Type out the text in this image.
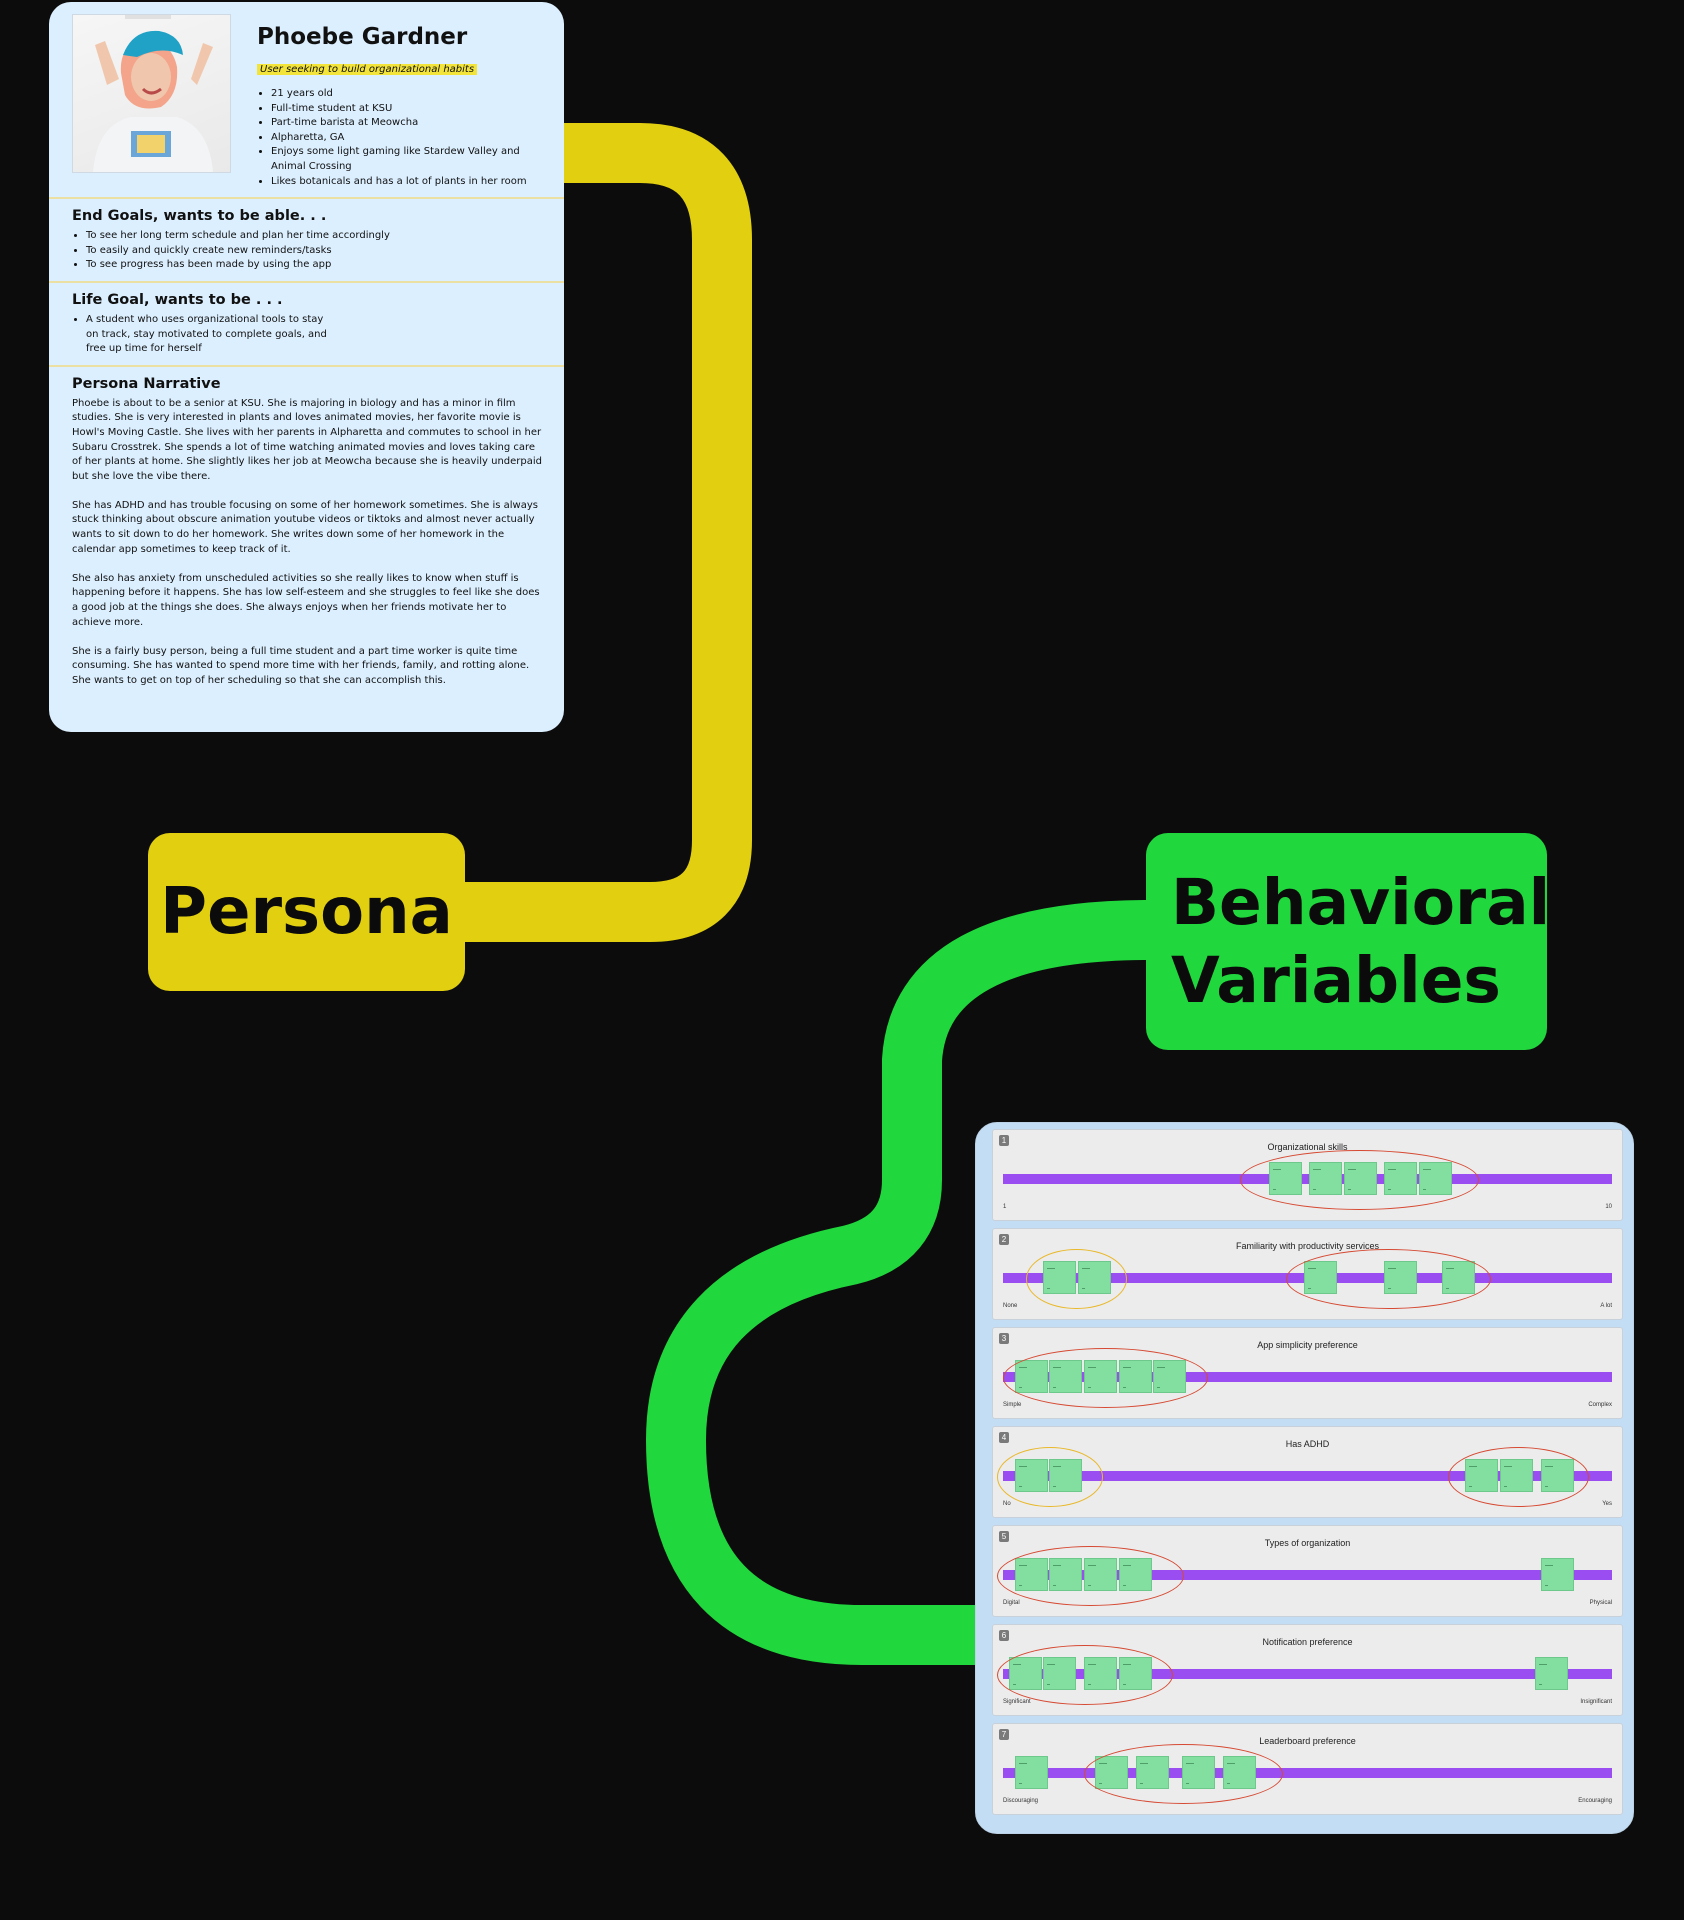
Phoebe Gardner
User seeking to build organizational habits
• 21 years old
• Full-time student at KSU
• Part-time barista at Meowcha
• Alpharetta, GA
• Enjoys some light gaming like Stardew Valley and Animal Crossing
• Likes botanicals and has a lot of plants in her room
End Goals, wants to be able. . .
• To see her long term schedule and plan her time accordingly
• To easily and quickly create new reminders/tasks
• To see progress has been made by using the app
Life Goal, wants to be . . .
• A student who uses organizational tools to stay on track, stay motivated to complete goals, and free up time for herself
Persona Narrative

Phoebe is about to be a senior at KSU. She is majoring in biology and has a minor in film studies. She is very interested in plants and loves animated movies, her favorite movie is Howl's Moving Castle. She lives with her parents in Alpharetta and commutes to school in her Subaru Crosstrek. She spends a lot of time watching animated movies and loves taking care of her plants at home. She slightly likes her job at Meowcha because she is heavily underpaid but she love the vibe there.

She has ADHD and has trouble focusing on some of her homework sometimes. She is always stuck thinking about obscure animation youtube videos or tiktoks and almost never actually wants to sit down to do her homework. She writes down some of her homework in the calendar app sometimes to keep track of it.

She also has anxiety from unscheduled activities so she really likes to know when stuff is happening before it happens. She has low self-esteem and she struggles to feel like she does a good job at the things she does. She always enjoys when her friends motivate her to achieve more.

She is a fairly busy person, being a full time student and a part time worker is quite time consuming. She has wanted to spend more time with her friends, family, and rotting alone. She wants to get on top of her scheduling so that she can accomplish this.

Persona	Behavioral
Variables
1
Organizational skills
1	10
2
Familiarity with productivity services
None	A lot
3
App simplicity preference
Simple	Complex
4
Has ADHD
No	Yes
5
Types of organization
Digital	Physical
6
Notification preference
Significant	Insignificant
7
Leaderboard preference
Discouraging	Encouraging
